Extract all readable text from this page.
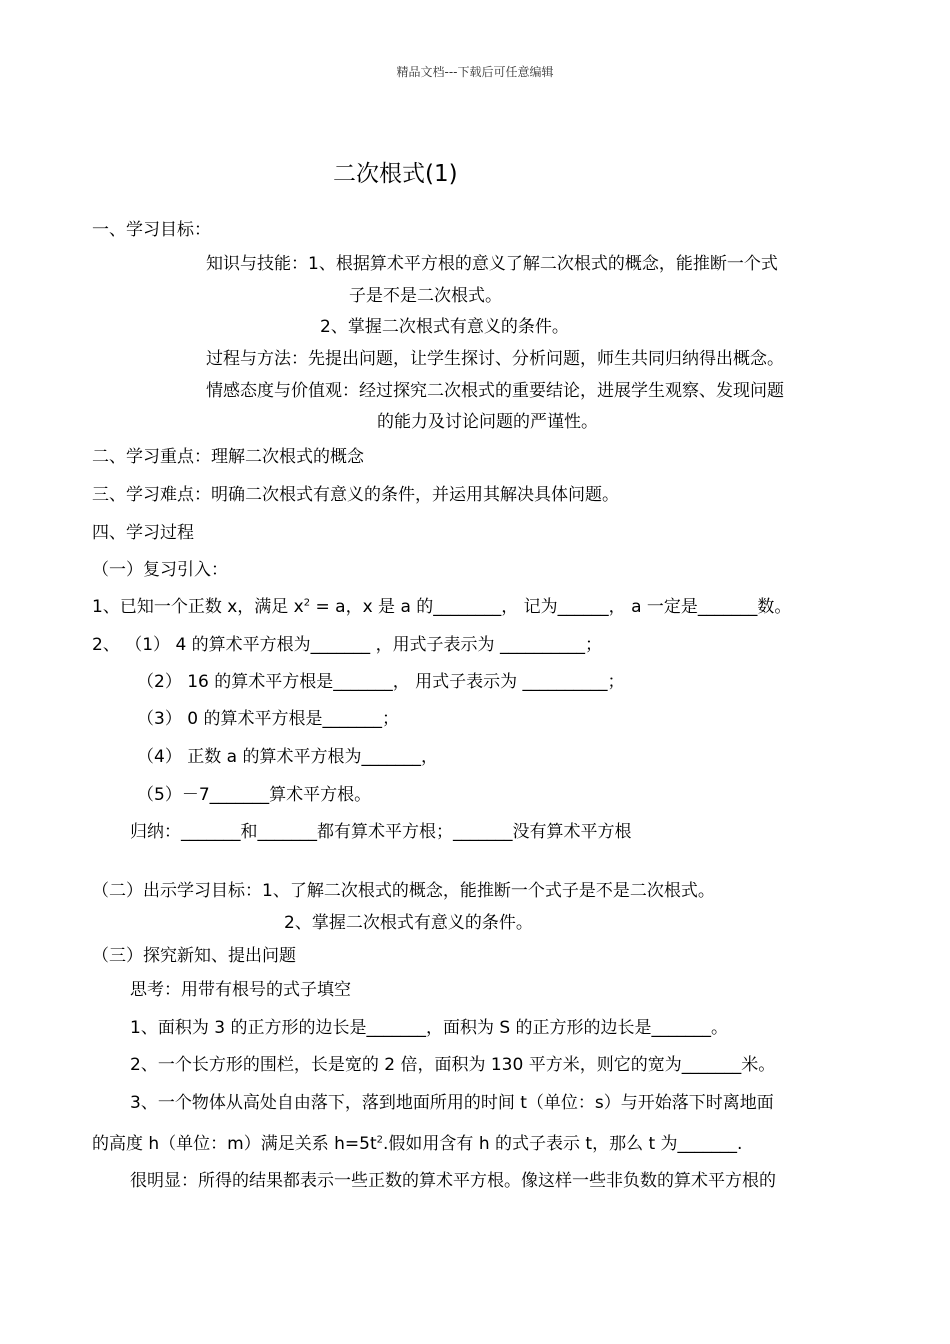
精品文档---下载后可任意编辑
二次根式(1)

一、学习目标：

知识与技能：1、根据算术平方根的意义了解二次根式的概念，能推断一个式

子是不是二次根式。

2、掌握二次根式有意义的条件。

过程与方法：先提出问题，让学生探讨、分析问题，师生共同归纳得出概念。

情感态度与价值观：经过探究二次根式的重要结论，进展学生观察、发现问题

的能力及讨论问题的严谨性。

二、学习重点：理解二次根式的概念

三、学习难点：明确二次根式有意义的条件，并运用其解决具体问题。

四、学习过程

（一）复习引入：

1、已知一个正数 x，满足 $x^2 = a$，x 是 a 的________， 记为______， a 一定是_______数。

2、 （1） 4 的算术平方根为_______ ，用式子表示为 __________；

（2） 16 的算术平方根是_______， 用式子表示为 __________；

（3） 0 的算术平方根是_______；

（4） 正数 a 的算术平方根为_______，

（5）－7_______算术平方根。

归纳：_______和_______都有算术平方根；_______没有算术平方根

（二）出示学习目标：1、了解二次根式的概念，能推断一个式子是不是二次根式。

2、掌握二次根式有意义的条件。

（三）探究新知、提出问题

思考：用带有根号的式子填空

1、面积为 3 的正方形的边长是_______，面积为 S 的正方形的边长是_______。

2、一个长方形的围栏，长是宽的 2 倍，面积为 130 平方米，则它的宽为_______米。

3、一个物体从高处自由落下，落到地面所用的时间 t（单位：s）与开始落下时离地面

的高度 h（单位：m）满足关系 $h=5t^2$.假如用含有 h 的式子表示 t，那么 t 为_______.

很明显：所得的结果都表示一些正数的算术平方根。像这样一些非负数的算术平方根的
